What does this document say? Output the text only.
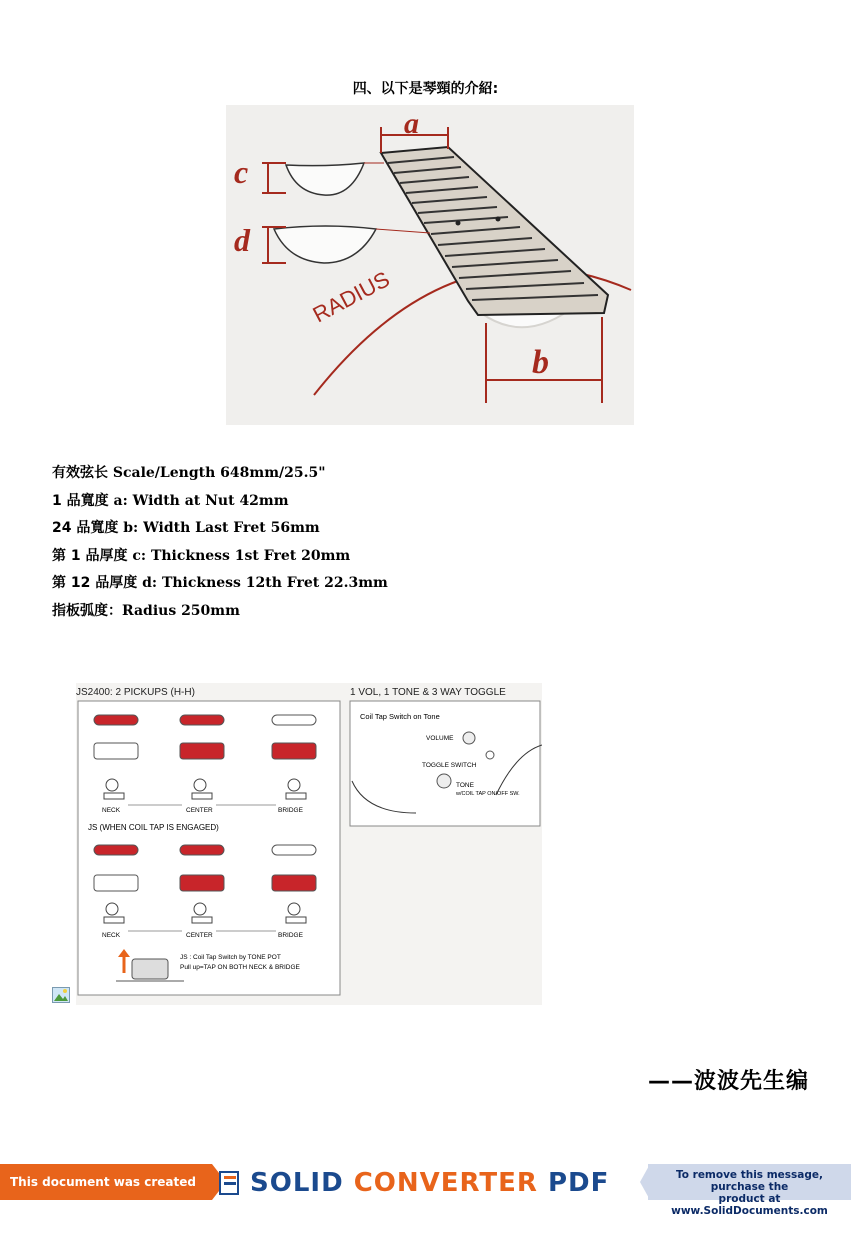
四、以下是琴頸的介紹:
RADIUS
a
b
c
d
有效弦长 Scale/Length 648mm/25.5"
1 品寬度 a: Width at Nut 42mm
24 品寬度 b: Width Last Fret 56mm
第 1 品厚度 c: Thickness 1st Fret 20mm
第 12 品厚度 d: Thickness 12th Fret 22.3mm
指板弧度：Radius 250mm
JS2400: 2 PICKUPS (H-H)	1 VOL, 1 TONE & 3 WAY TOGGLE
NECK	CENTER	BRIDGE
JS (WHEN COIL TAP IS ENGAGED)
NECK	CENTER	BRIDGE
JS : Coil Tap Switch by TONE POT
Pull up=TAP ON BOTH NECK & BRIDGE
Coil Tap Switch on Tone
VOLUME
TOGGLE SWITCH
TONE
w/COIL TAP ON/OFF SW.
——波波先生编
This document was created using
SOLID CONVERTER PDF	To remove this message, purchase the
product at www.SolidDocuments.com
